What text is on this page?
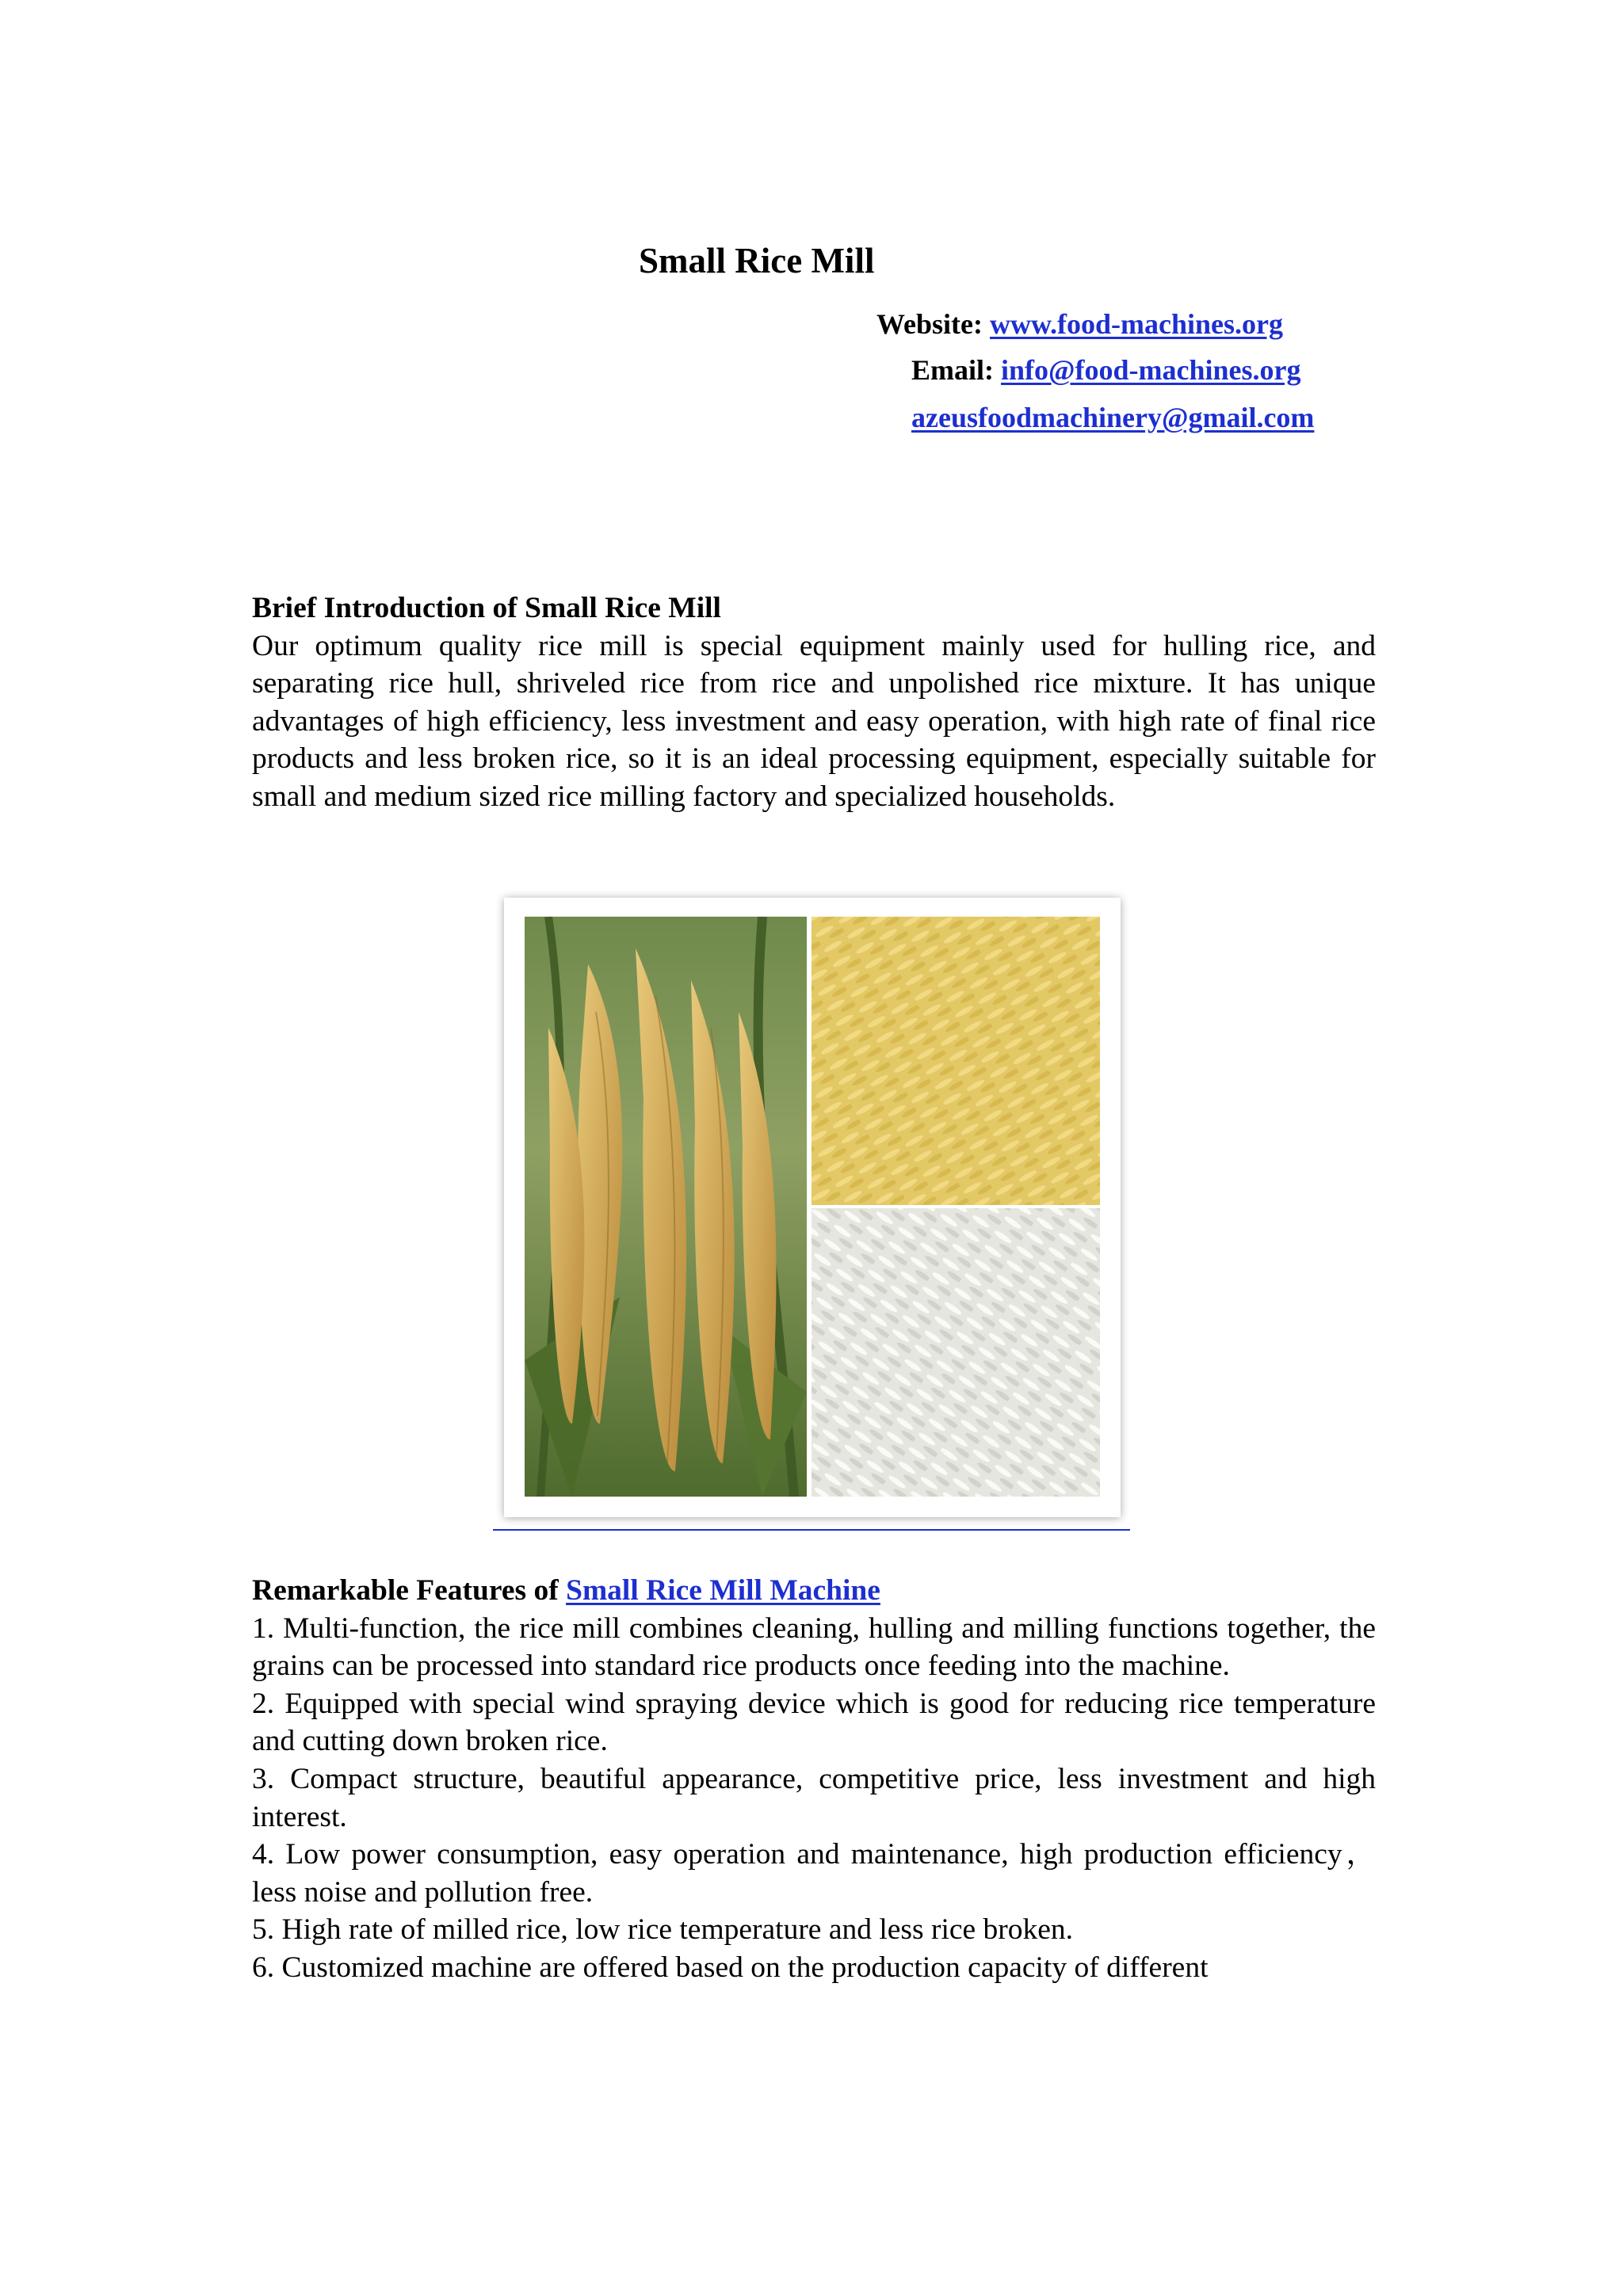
Small Rice Mill
Website: www.food-machines.org
Email: info@food-machines.org
azeusfoodmachinery@gmail.com
Brief Introduction of Small Rice Mill
Our optimum quality rice mill is special equipment mainly used for hulling rice, and separating rice hull, shriveled rice from rice and unpolished rice mixture. It has unique advantages of high efficiency, less investment and easy operation, with high rate of final rice products and less broken rice, so it is an ideal processing equipment, especially suitable for small and medium sized rice milling factory and specialized households.
Remarkable Features of Small Rice Mill Machine

1. Multi-function, the rice mill combines cleaning, hulling and milling functions together, the grains can be processed into standard rice products once feeding into the machine.

2. Equipped with special wind spraying device which is good for reducing rice temperature and cutting down broken rice.

3. Compact structure, beautiful appearance, competitive price, less investment and high interest.

4. Low power consumption, easy operation and maintenance, high production efficiency， less noise and pollution free.

5. High rate of milled rice, low rice temperature and less rice broken.

6. Customized machine are offered based on the production capacity of different
